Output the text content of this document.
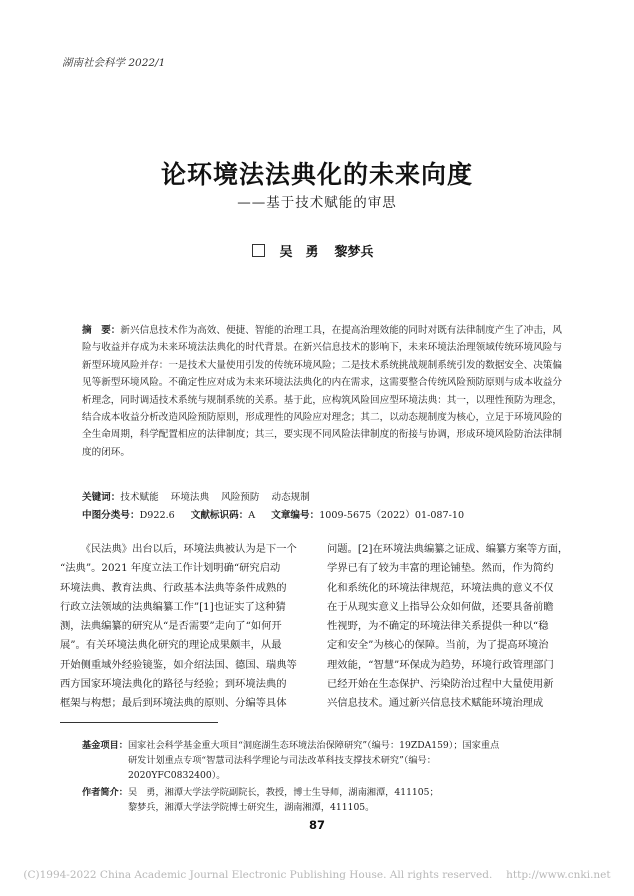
湖南社会科学 2022/1
论环境法法典化的未来向度
——基于技术赋能的审思
吴　勇 黎梦兵
摘　要：新兴信息技术作为高效、便捷、智能的治理工具，在提高治理效能的同时对既有法律制度产生了冲击，风险与收益并存成为未来环境法法典化的时代背景。在新兴信息技术的影响下，未来环境法治理领域传统环境风险与新型环境风险并存：一是技术大量使用引发的传统环境风险；二是技术系统挑战规制系统引发的数据安全、决策偏见等新型环境风险。不确定性应对成为未来环境法法典化的内在需求，这需要整合传统风险预防原则与成本收益分析理念，同时调适技术系统与规制系统的关系。基于此，应构筑风险回应型环境法典：其一，以理性预防为理念，结合成本收益分析改造风险预防原则，形成理性的风险应对理念；其二，以动态规制度为核心，立足于环境风险的全生命周期，科学配置相应的法律制度；其三，要实现不同风险法律制度的衔接与协调，形成环境风险防治法律制度的闭环。
关键词：技术赋能 环境法典 风险预防 动态规制
中图分类号：D922.6 文献标识码：A 文章编号：1009-5675（2022）01-087-10
《民法典》出台以后，环境法典被认为是下一个
“法典”。2021 年度立法工作计划明确“研究启动
环境法典、教育法典、行政基本法典等条件成熟的
行政立法领域的法典编纂工作”[1]也证实了这种猜
测，法典编纂的研究从“是否需要”走向了“如何开
展”。有关环境法典化研究的理论成果颇丰，从最
开始侧重域外经验镜鉴，如介绍法国、德国、瑞典等
西方国家环境法典化的路径与经验；到环境法典的
框架与构想；最后到环境法典的原则、分编等具体
问题。[2]在环境法典编纂之证成、编纂方案等方面，
学界已有了较为丰富的理论铺垫。然而，作为简约
化和系统化的环境法律规范，环境法典的意义不仅
在于从现实意义上指导公众如何做，还要具备前瞻
性视野，为不确定的环境法律关系提供一种以“稳
定和安全”为核心的保障。当前，为了提高环境治
理效能，“智慧”环保成为趋势，环境行政管理部门
已经开始在生态保护、污染防治过程中大量使用新
兴信息技术。通过新兴信息技术赋能环境治理成
基金项目： 国家社会科学基金重大项目“洞庭湖生态环境法治保障研究”（编号：19ZDA159）；国家重点
研发计划重点专项“智慧司法科学理论与司法改革科技支撑技术研究”（编号：
2020YFC0832400）。
作者简介： 吴　勇，湘潭大学法学院副院长，教授，博士生导师，湖南湘潭，411105；
黎梦兵，湘潭大学法学院博士研究生，湖南湘潭，411105。
87
(C)1994-2022 China Academic Journal Electronic Publishing House. All rights reserved.　 http://www.cnki.net
